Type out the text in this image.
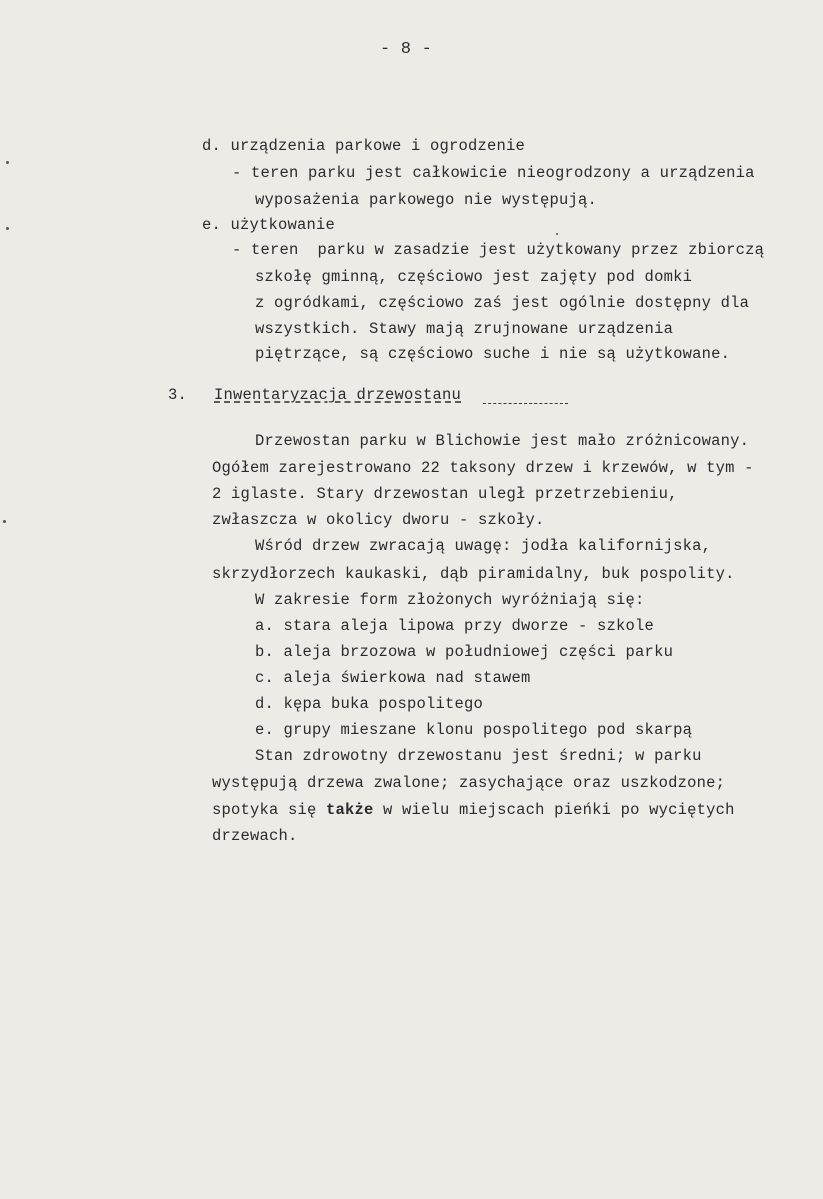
- 8 -
d. urządzenia parkowe i ogrodzenie
- teren parku jest całkowicie nieogrodzony a urządzenia
wyposażenia parkowego nie występują.
e. użytkowanie
- teren  parku w zasadzie jest użytkowany przez zbiorczą
szkołę gminną, częściowo jest zajęty pod domki
z ogródkami, częściowo zaś jest ogólnie dostępny dla
wszystkich. Stawy mają zrujnowane urządzenia
piętrzące, są częściowo suche i nie są użytkowane.
3. Inwentaryzacja drzewostanu
Drzewostan parku w Blichowie jest mało zróżnicowany.
Ogółem zarejestrowano 22 taksony drzew i krzewów, w tym -
2 iglaste. Stary drzewostan uległ przetrzebieniu,
zwłaszcza w okolicy dworu - szkoły.
Wśród drzew zwracają uwagę: jodła kalifornijska,
skrzydłorzech kaukaski, dąb piramidalny, buk pospolity.
W zakresie form złożonych wyróżniają się:
a. stara aleja lipowa przy dworze - szkole
b. aleja brzozowa w południowej części parku
c. aleja świerkowa nad stawem
d. kępa buka pospolitego
e. grupy mieszane klonu pospolitego pod skarpą
Stan zdrowotny drzewostanu jest średni; w parku
występują drzewa zwalone; zasychające oraz uszkodzone;
spotyka się także w wielu miejscach pieńki po wyciętych
drzewach.
